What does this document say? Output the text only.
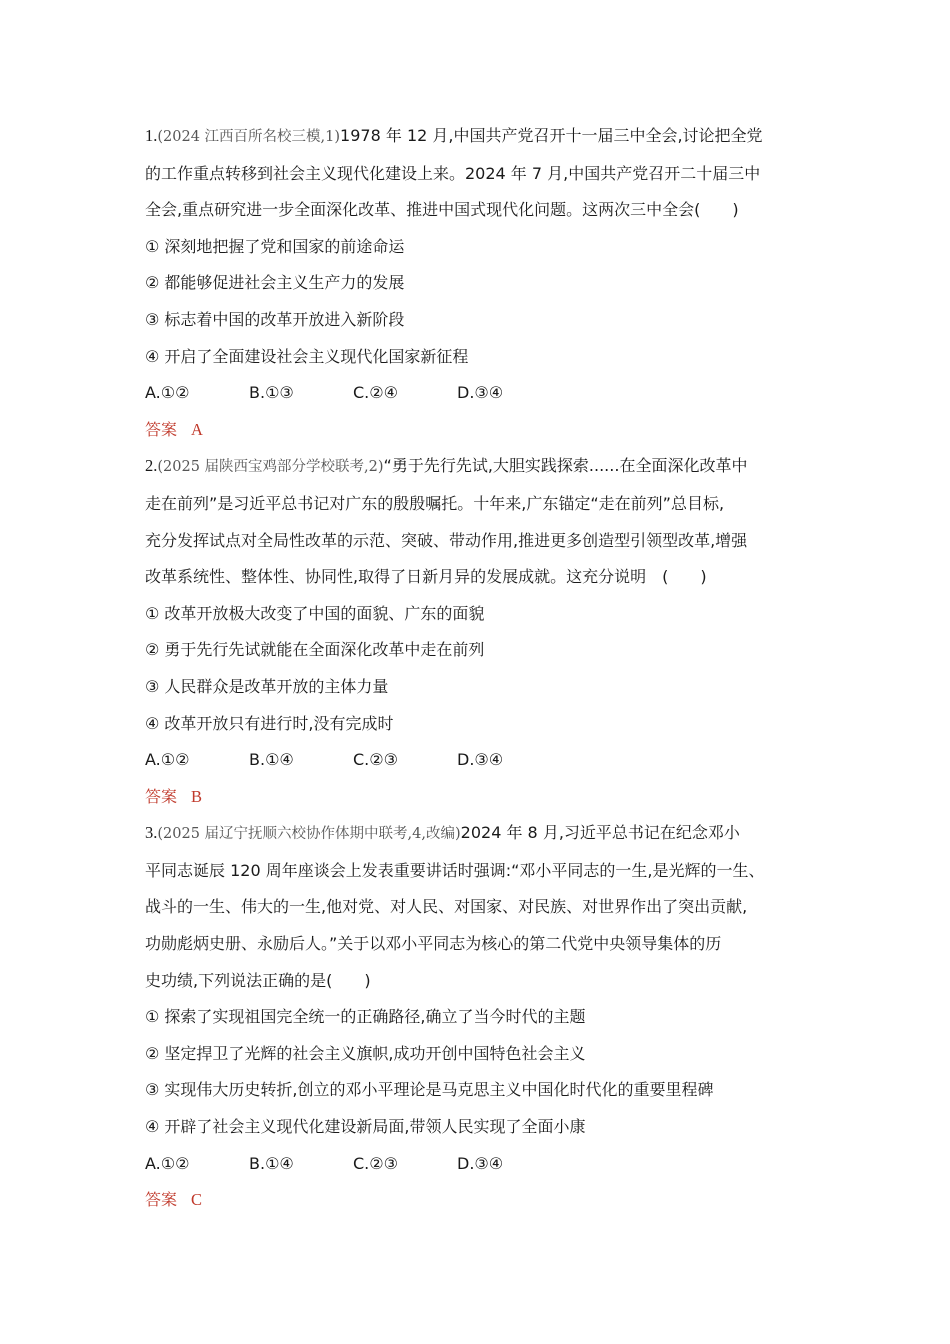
1.(2024 江西百所名校三模,1)1978 年 12 月,中国共产党召开十一届三中全会,讨论把全党

的工作重点转移到社会主义现代化建设上来。2024 年 7 月,中国共产党召开二十届三中

全会,重点研究进一步全面深化改革、推进中国式现代化问题。这两次三中全会(　　)

① 深刻地把握了党和国家的前途命运

② 都能够促进社会主义生产力的发展

③ 标志着中国的改革开放进入新阶段

④ 开启了全面建设社会主义现代化国家新征程

A.①②	B.①③	C.②④	D.③④

答案 A

2.(2025 届陕西宝鸡部分学校联考,2)“勇于先行先试,大胆实践探索......在全面深化改革中

走在前列”是习近平总书记对广东的殷殷嘱托。十年来,广东锚定“走在前列”总目标,

充分发挥试点对全局性改革的示范、突破、带动作用,推进更多创造型引领型改革,增强

改革系统性、整体性、协同性,取得了日新月异的发展成就。这充分说明　(　　)

① 改革开放极大改变了中国的面貌、广东的面貌

② 勇于先行先试就能在全面深化改革中走在前列

③ 人民群众是改革开放的主体力量

④ 改革开放只有进行时,没有完成时

A.①②	B.①④	C.②③	D.③④

答案 B

3.(2025 届辽宁抚顺六校协作体期中联考,4,改编)2024 年 8 月,习近平总书记在纪念邓小

平同志诞辰 120 周年座谈会上发表重要讲话时强调:“邓小平同志的一生,是光辉的一生、

战斗的一生、伟大的一生,他对党、对人民、对国家、对民族、对世界作出了突出贡献,

功勋彪炳史册、永励后人。”关于以邓小平同志为核心的第二代党中央领导集体的历

史功绩,下列说法正确的是(　　)

① 探索了实现祖国完全统一的正确路径,确立了当今时代的主题

② 坚定捍卫了光辉的社会主义旗帜,成功开创中国特色社会主义

③ 实现伟大历史转折,创立的邓小平理论是马克思主义中国化时代化的重要里程碑

④ 开辟了社会主义现代化建设新局面,带领人民实现了全面小康

A.①②	B.①④	C.②③	D.③④

答案 C
